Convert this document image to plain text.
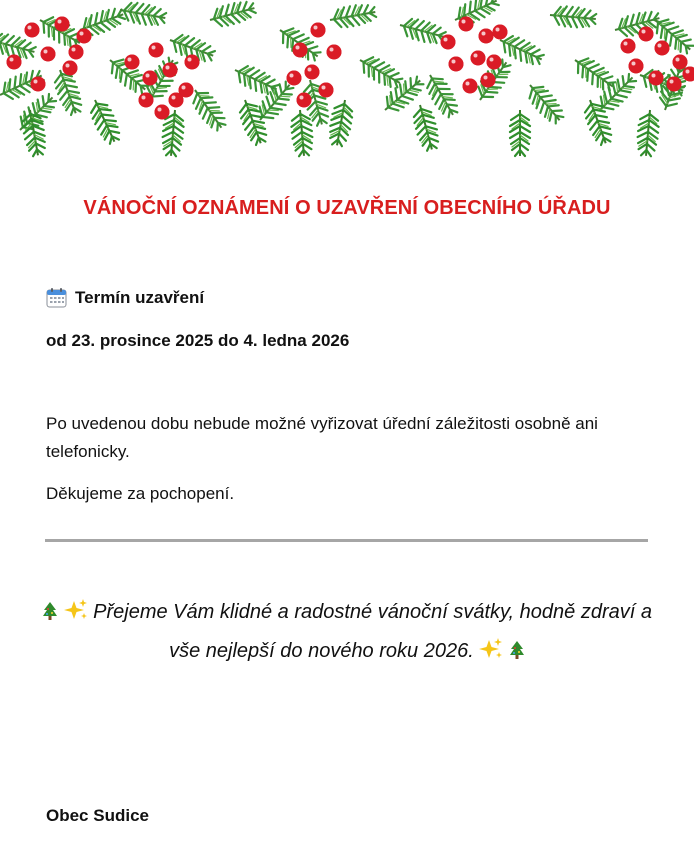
VÁNOČNÍ OZNÁMENÍ O UZAVŘENÍ OBECNÍHO ÚŘADU
Termín uzavření
od 23. prosince 2025 do 4. ledna 2026
Po uvedenou dobu nebude možné vyřizovat úřední záležitosti osobně ani telefonicky.
Děkujeme za pochopení.

Přejeme Vám klidné a radostné vánoční svátky, hodně zdraví a vše nejlepší do nového roku 2026.

Obec Sudice
